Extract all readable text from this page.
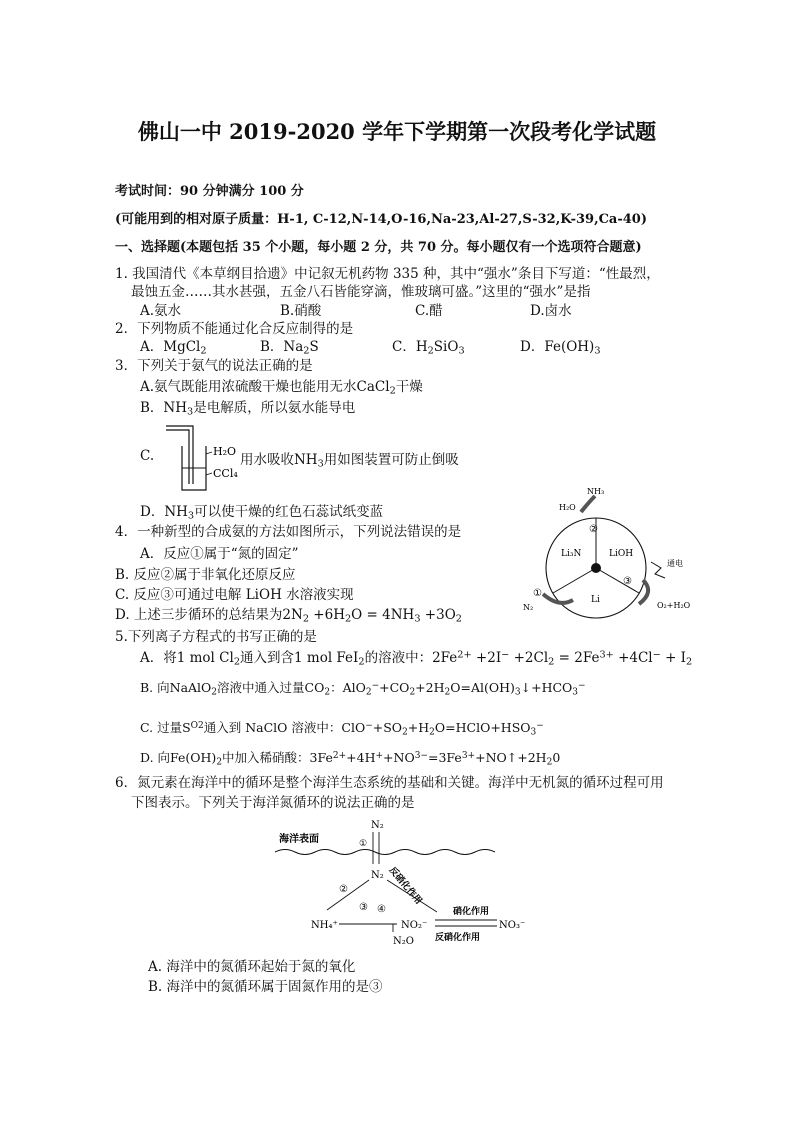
佛山一中 2019-2020 学年下学期第一次段考化学试题
考试时间：90 分钟满分 100 分
(可能用到的相对原子质量：H-1, C-12,N-14,O-16,Na-23,Al-27,S-32,K-39,Ca-40)
一、选择题(本题包括 35 个小题，每小题 2 分，共 70 分。每小题仅有一个选项符合题意)
1. 我国清代《本草纲目拾遗》中记叙无机药物 335 种，其中“强水”条目下写道：“性最烈，
最蚀五金……其水甚强，五金八石皆能穿滴，惟玻璃可盛。”这里的“强水”是指
A.氨水	B.硝酸	C.醋	D.卤水
2．下列物质不能通过化合反应制得的是
A．MgCl$_2$	B．$Na_2S$	C．$H_2SiO_3$	D．$Fe(OH)_3$
3．下列关于氨气的说法正确的是
A.氨气既能用浓硫酸干燥也能用无水CaCl$_2$干燥
B．$NH_3$是电解质，所以氨水能导电
C.	H₂O
CCl₄
用水吸收$NH_3$用如图装置可防止倒吸
D．$NH_3$可以使干燥的红色石蕊试纸变蓝
4．一种新型的合成氨的方法如图所示，下列说法错误的是
A．反应①属于“氮的固定”
B. 反应②属于非氧化还原反应
C. 反应③可通过电解 LiOH 水溶液实现
D. 上述三步循环的总结果为$2N_2 +6H_2O = 4NH_3 +3O_2$
NH₃
H₂O
Li₃N	LiOH
Li
②
①
③
N₂
通电
O₂+H₂O
5.下列离子方程式的书写正确的是
A．将1 mol $Cl_2$通入到含1 mol FeI$_2$的溶液中：$2Fe^{2+} +2I^- +2Cl_2 = 2Fe^{3+} +4Cl^- + I_2$
B. 向NaAlO$_2$溶液中通入过量$CO_2$：$AlO_2^-+CO_2+2H_2O=Al(OH)_3↓+HCO_3^-$
C. 过量$S^{O2}$通入到 NaClO 溶液中：$ClO^-+SO_2+H_2O=HClO+HSO_3^-$
D. 向$Fe(OH)_2$中加入稀硝酸：$3Fe^{2+}+4H^++NO^{3-}=3Fe^{3+}+NO↑+2H_20$
6．氮元素在海洋中的循环是整个海洋生态系统的基础和关键。海洋中无机氮的循环过程可用
下图表示。下列关于海洋氮循环的说法正确的是
海洋表面
N₂
①
N₂
②	反硝化作用
③ ④
NH₄⁺	NO₂⁻
N₂O
硝化作用
NO₃⁻
反硝化作用
A. 海洋中的氮循环起始于氮的氧化
B. 海洋中的氮循环属于固氮作用的是③
